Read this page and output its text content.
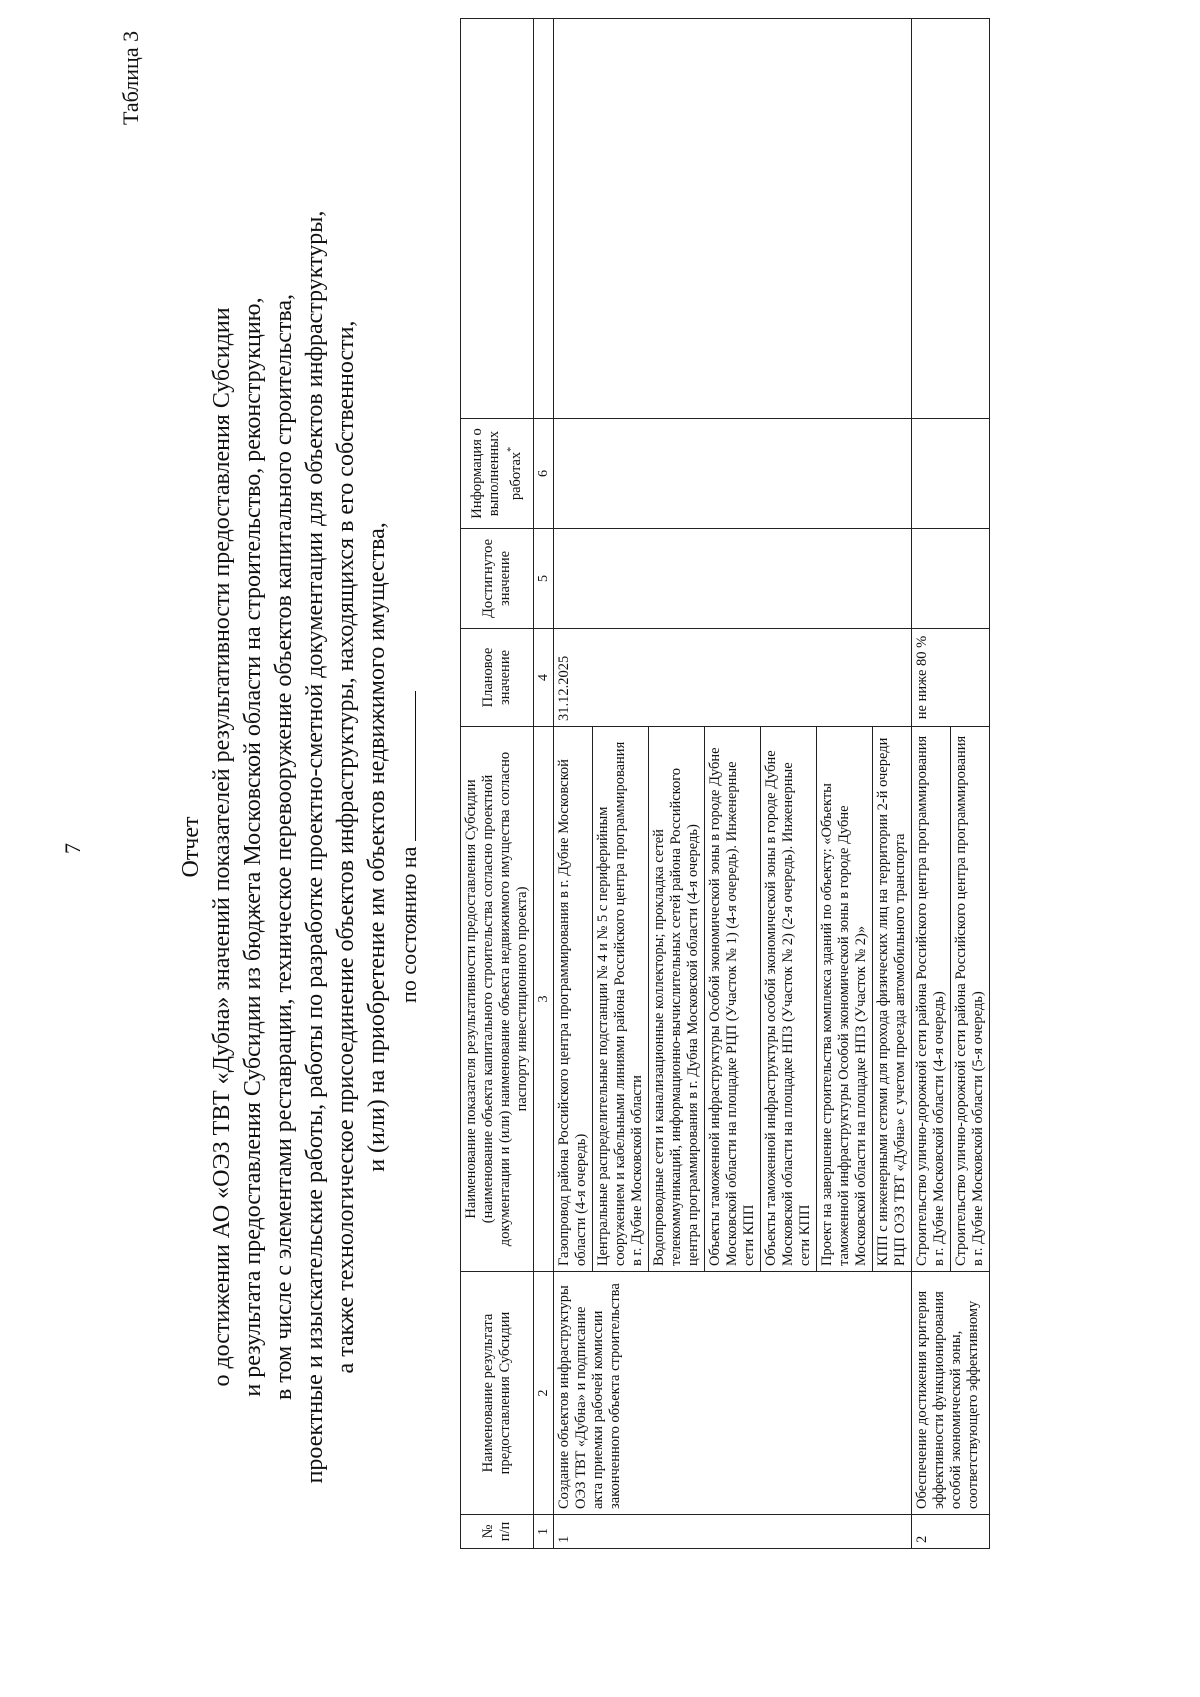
7
Таблица 3
Отчет о достижении АО «ОЭЗ ТВТ «Дубна» значений показателей результативности предоставления Субсидии и результата предоставления Субсидии из бюджета Московской области на строительство, реконструкцию, в том числе с элементами реставрации, техническое перевооружение объектов капитального строительства, проектные и изыскательские работы, работы по разработке проектно-сметной документации для объектов инфраструктуры, а также технологическое присоединение объектов инфраструктуры, находящихся в его собственности, и (или) на приобретение им объектов недвижимого имущества, по состоянию на
№ п/п	Наименование результата предоставления Субсидии	Наименование показателя результативности предоставления Субсидии (наименование объекта капитального строительства согласно проектной документации и (или) наименование объекта недвижимого имущества согласно паспорту инвестиционного проекта)	Плановое значение	Достигнутое значение	Информация о выполненных работах*	
1	2	3	4	5	6	
1	Создание объектов инфраструктуры ОЭЗ ТВТ «Дубна» и подписание акта приемки рабочей комиссии законченного объекта строительства	Газопровод района Российского центра программирования в г. Дубне Московской области (4-я очередь)	31.12.2025			
		Центральные распределительные подстанции № 4 и № 5 с периферийным сооружением и кабельными линиями района Российского центра программирования в г. Дубне Московской области				
		Водопроводные сети и канализационные коллекторы; прокладка сетей телекоммуникаций, информационно-вычислительных сетей района Российского центра программирования в г. Дубна Московской области (4-я очередь)				
		Объекты таможенной инфраструктуры Особой экономической зоны в городе Дубне Московской области на площадке РЦП (Участок № 1) (4-я очередь). Инженерные сети КПП				
		Объекты таможенной инфраструктуры особой экономической зоны в городе Дубне Московской области на площадке НПЗ (Участок № 2) (2-я очередь). Инженерные сети КПП				
		Проект на завершение строительства комплекса зданий по объекту: «Объекты таможенной инфраструктуры Особой экономической зоны в городе Дубне Московской области на площадке НПЗ (Участок № 2)»				
		КПП с инженерными сетями для прохода физических лиц на территории 2-й очереди РЦП ОЭЗ ТВТ «Дубна» с учетом проезда автомобильного транспорта				
2	Обеспечение достижения критерия эффективности функционирования особой экономической зоны, соответствующего эффективному	Строительство улично-дорожной сети района Российского центра программирования в г. Дубне Московской области (4-я очередь)	не ниже 80 %			
		Строительство улично-дорожной сети района Российского центра программирования в г. Дубне Московской области (5-я очередь)				
